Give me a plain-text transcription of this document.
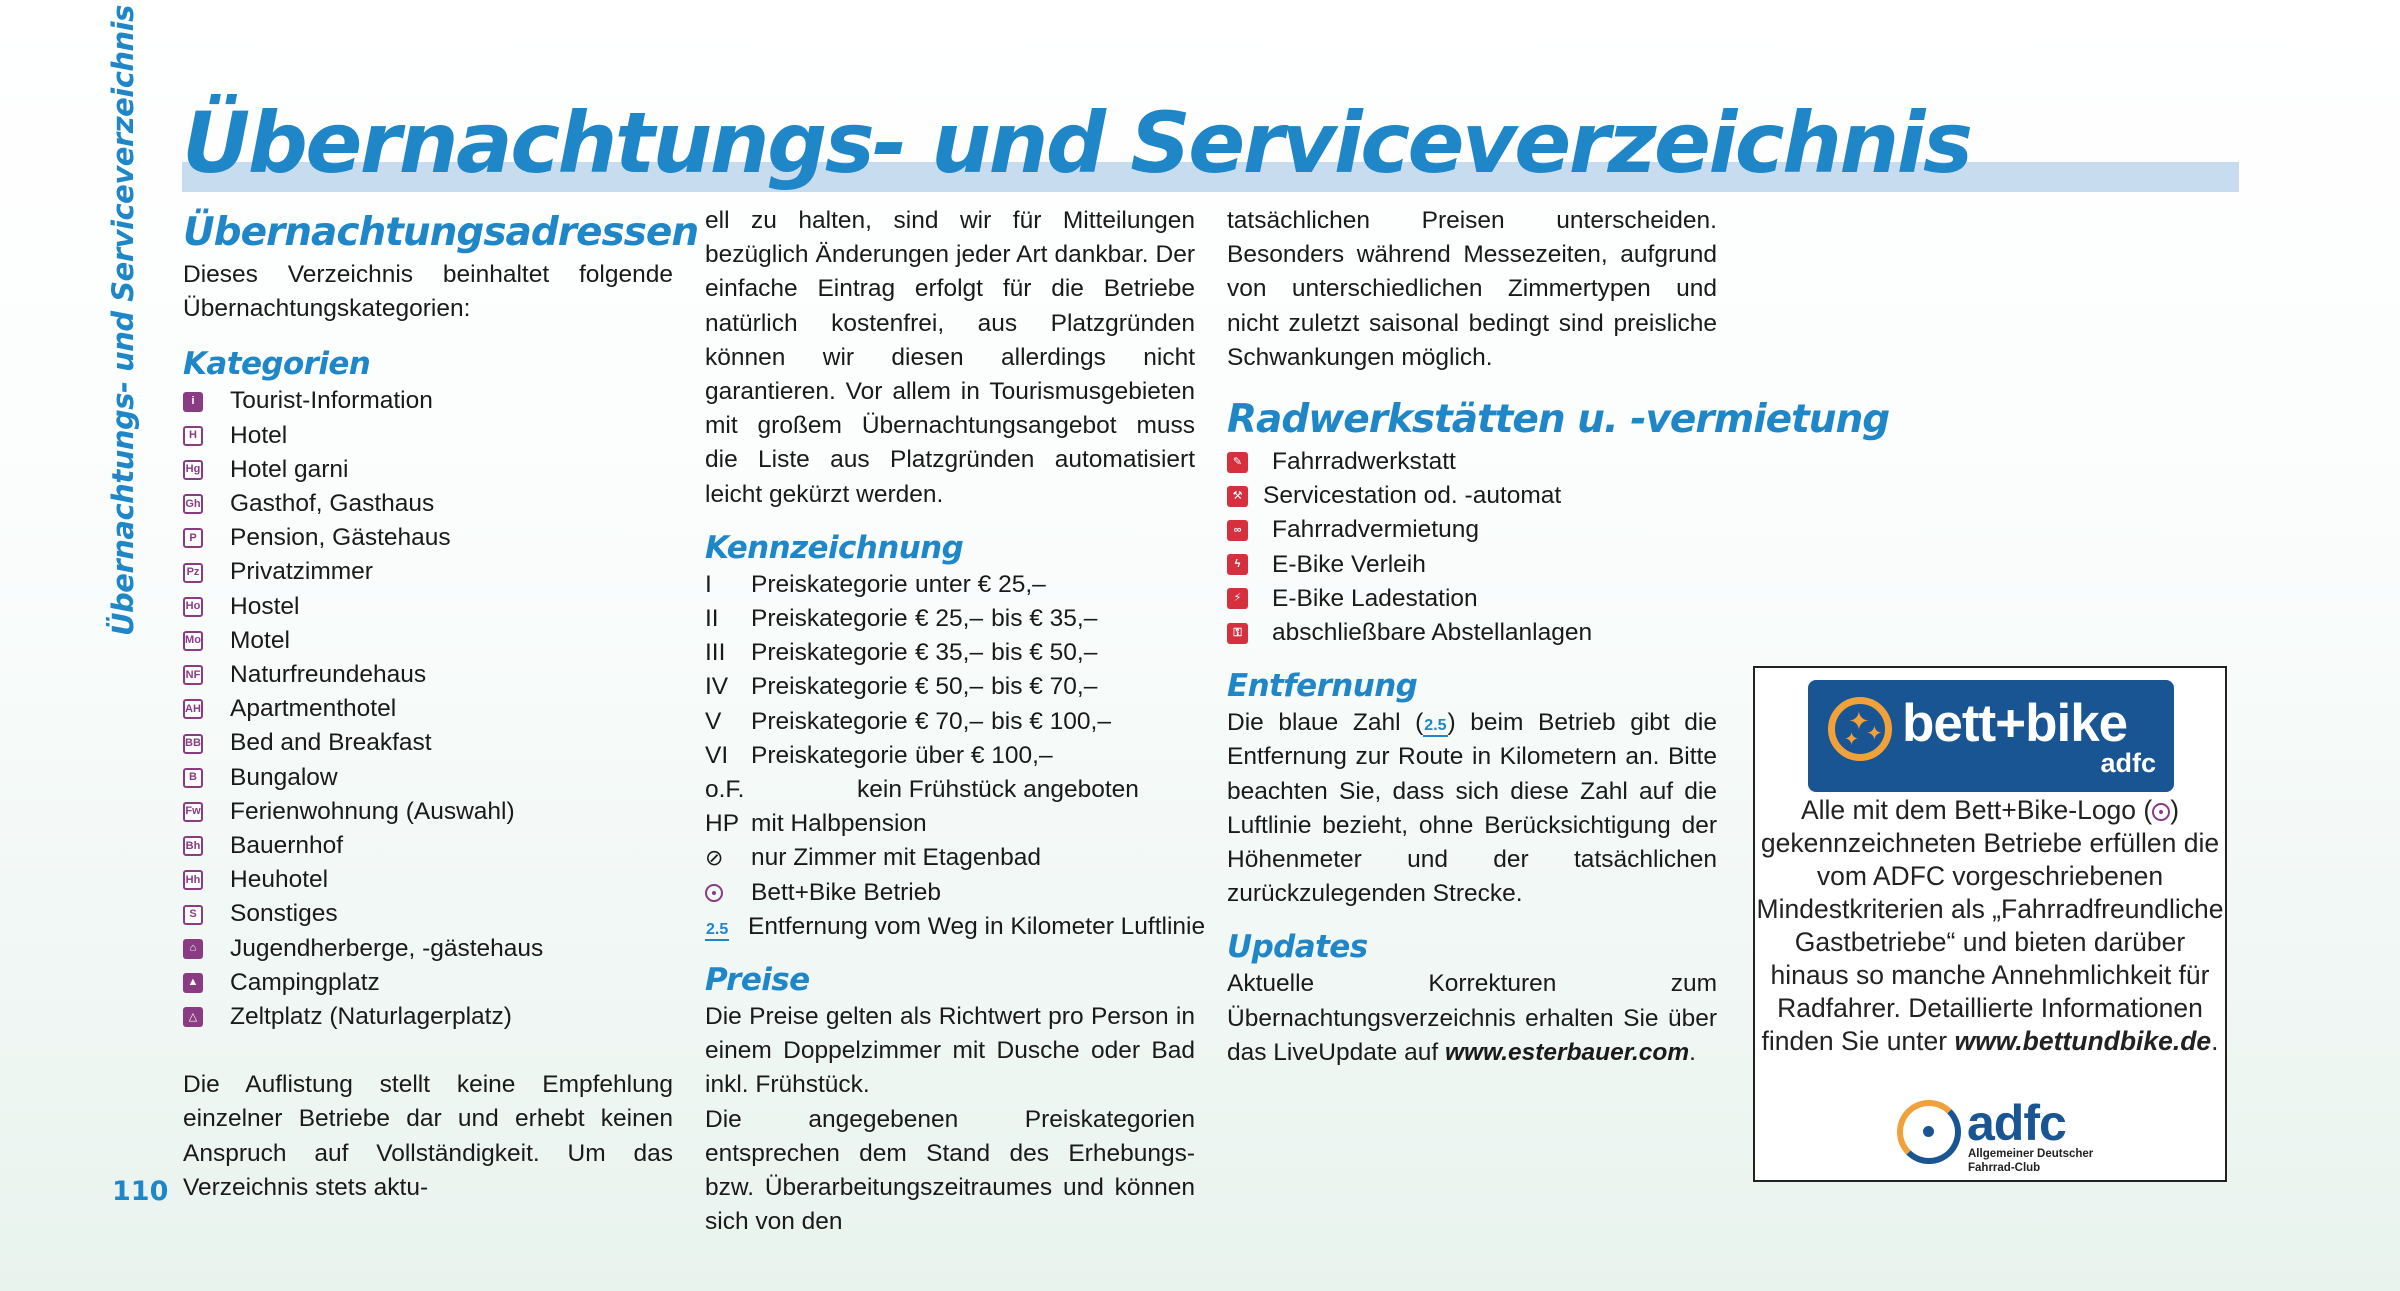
Übernachtungs- und Serviceverzeichnis Übernachtungs- und Serviceverzeichnis
Übernachtungsadressen
Dieses Verzeichnis beinhaltet folgende Übernachtungskategorien:
Kategorien
i	Tourist-Information
H Hotel
Hg Hotel garni
Gh Gasthof, Gasthaus
P Pension, Gästehaus
Pz Privatzimmer
Ho Hostel
Mo Motel
NF Naturfreundehaus
AH Apartmenthotel
BB Bed and Breakfast
B Bungalow
Fw Ferienwohnung (Auswahl)
Bh Bauernhof
Hh Heuhotel
S Sonstiges
⌂ Jugendherberge, -gästehaus
▲ Campingplatz
△ Zeltplatz (Naturlagerplatz)
Die Auflistung stellt keine Empfehlung einzelner Betriebe dar und erhebt keinen Anspruch auf Vollständigkeit. Um das Verzeichnis stets aktu-
ell zu halten, sind wir für Mitteilungen bezüglich Änderungen jeder Art dankbar. Der einfache Eintrag erfolgt für die Betriebe natürlich kostenfrei, aus Platzgründen können wir diesen allerdings nicht garantieren. Vor allem in Tourismusgebieten mit großem Übernachtungsangebot muss die Liste aus Platzgründen automatisiert leicht gekürzt werden.
Kennzeichnung
I	Preiskategorie unter € 25,–
II	Preiskategorie € 25,– bis € 35,–
III	Preiskategorie € 35,– bis € 50,–
IV Preiskategorie € 50,– bis € 70,–
V	Preiskategorie € 70,– bis € 100,–
VI Preiskategorie über € 100,–
o.F.	kein Frühstück angeboten
HP mit Halbpension
⊘	nur Zimmer mit Etagenbad
Bett+Bike Betrieb
2.5 Entfernung vom Weg in Kilometer Luftlinie
Preise
Die Preise gelten als Richtwert pro Person in einem Doppelzimmer mit Dusche oder Bad inkl. Frühstück.
Die angegebenen Preiskategorien entsprechen dem Stand des Erhebungs- bzw. Überarbeitungszeitraumes und können sich von den
tatsächlichen Preisen unterscheiden. Besonders während Messezeiten, aufgrund von unterschiedlichen Zimmertypen und nicht zuletzt saisonal bedingt sind preisliche Schwankungen möglich.
Radwerkstätten u. -vermietung
✎ Fahrradwerkstatt
⚒ Servicestation od. -automat
∞ Fahrradvermietung
ϟ	E-Bike Verleih
⚡ E-Bike Ladestation
⚿ abschließbare Abstellanlagen
Entfernung
Die blaue Zahl (2.5) beim Betrieb gibt die Entfernung zur Route in Kilometern an. Bitte beachten Sie, dass sich diese Zahl auf die Luftlinie bezieht, ohne Berücksichtigung der Höhenmeter und der tatsächlichen zurückzulegenden Strecke.
Updates
Aktuelle Korrekturen zum Übernachtungsverzeichnis erhalten Sie über das LiveUpdate auf www.esterbauer.com.
✦
✦ ✦ bett+bike
adfc
Alle mit dem Bett+Bike-Logo ( ) gekennzeichneten Betriebe erfüllen die vom ADFC vorgeschriebenen Mindestkriterien als „Fahrradfreundliche Gastbetriebe“ und bieten darüber hinaus so manche Annehmlichkeit für Radfahrer. Detaillierte Informationen finden Sie unter www.bettundbike.de.
adfc
Allgemeiner Deutscher
Fahrrad-Club
110
